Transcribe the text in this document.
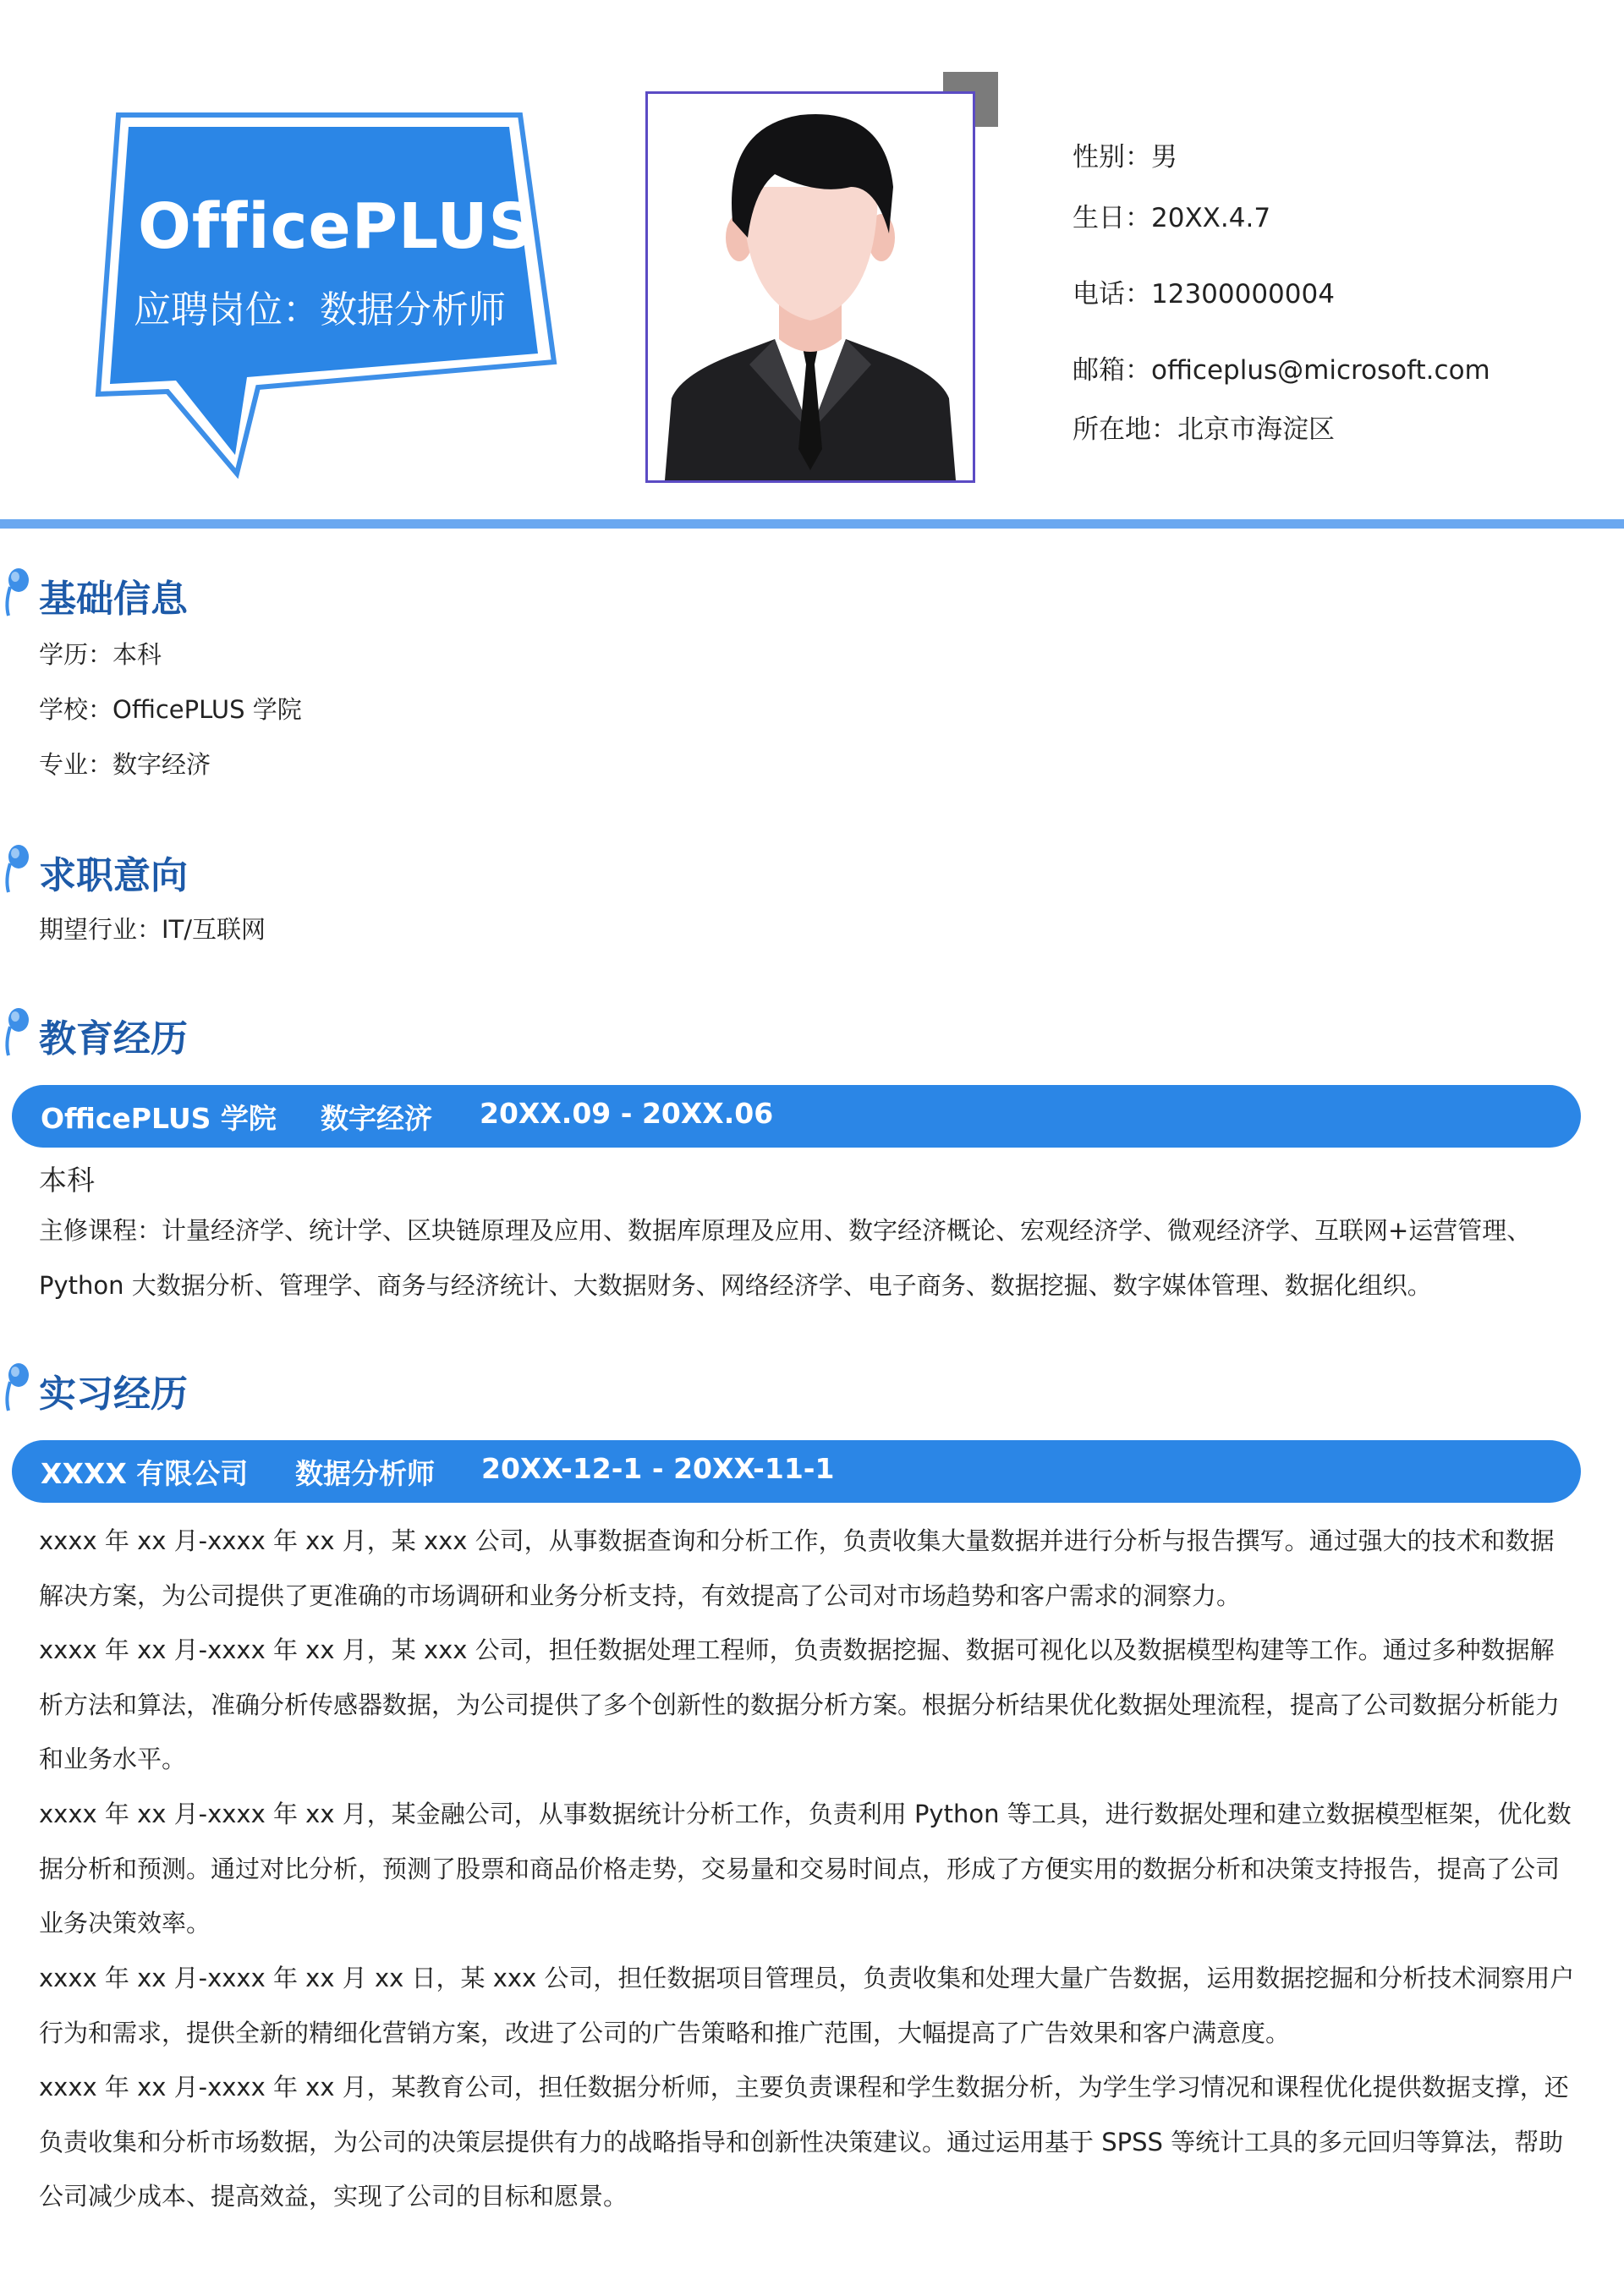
OfficePLUS
应聘岗位：数据分析师
性别：男
生日：20XX.4.7
电话：12300000004
邮箱：officeplus@microsoft.com
所在地：北京市海淀区
基础信息
学历：本科
学校：OfficePLUS 学院
专业：数字经济
求职意向
期望行业：IT/互联网
教育经历
OfficePLUS 学院 数字经济 20XX.09 - 20XX.06
本科
主修课程：计量经济学、统计学、区块链原理及应用、数据库原理及应用、数字经济概论、宏观经济学、微观经济学、互联网+运营管理、
Python 大数据分析、管理学、商务与经济统计、大数据财务、网络经济学、电子商务、数据挖掘、数字媒体管理、数据化组织。
实习经历
XXXX 有限公司 数据分析师 20XX-12-1 - 20XX-11-1
xxxx 年 xx 月-xxxx 年 xx 月，某 xxx 公司，从事数据查询和分析工作，负责收集大量数据并进行分析与报告撰写。通过强大的技术和数据解决方案，为公司提供了更准确的市场调研和业务分析支持，有效提高了公司对市场趋势和客户需求的洞察力。
xxxx 年 xx 月-xxxx 年 xx 月，某 xxx 公司，担任数据处理工程师，负责数据挖掘、数据可视化以及数据模型构建等工作。通过多种数据解析方法和算法，准确分析传感器数据，为公司提供了多个创新性的数据分析方案。根据分析结果优化数据处理流程，提高了公司数据分析能力和业务水平。
xxxx 年 xx 月-xxxx 年 xx 月，某金融公司，从事数据统计分析工作，负责利用 Python 等工具，进行数据处理和建立数据模型框架，优化数据分析和预测。通过对比分析，预测了股票和商品价格走势，交易量和交易时间点，形成了方便实用的数据分析和决策支持报告，提高了公司业务决策效率。
xxxx 年 xx 月-xxxx 年 xx 月 xx 日，某 xxx 公司，担任数据项目管理员，负责收集和处理大量广告数据，运用数据挖掘和分析技术洞察用户行为和需求，提供全新的精细化营销方案，改进了公司的广告策略和推广范围，大幅提高了广告效果和客户满意度。
xxxx 年 xx 月-xxxx 年 xx 月，某教育公司，担任数据分析师，主要负责课程和学生数据分析，为学生学习情况和课程优化提供数据支撑，还负责收集和分析市场数据，为公司的决策层提供有力的战略指导和创新性决策建议。通过运用基于 SPSS 等统计工具的多元回归等算法，帮助公司减少成本、提高效益，实现了公司的目标和愿景。
